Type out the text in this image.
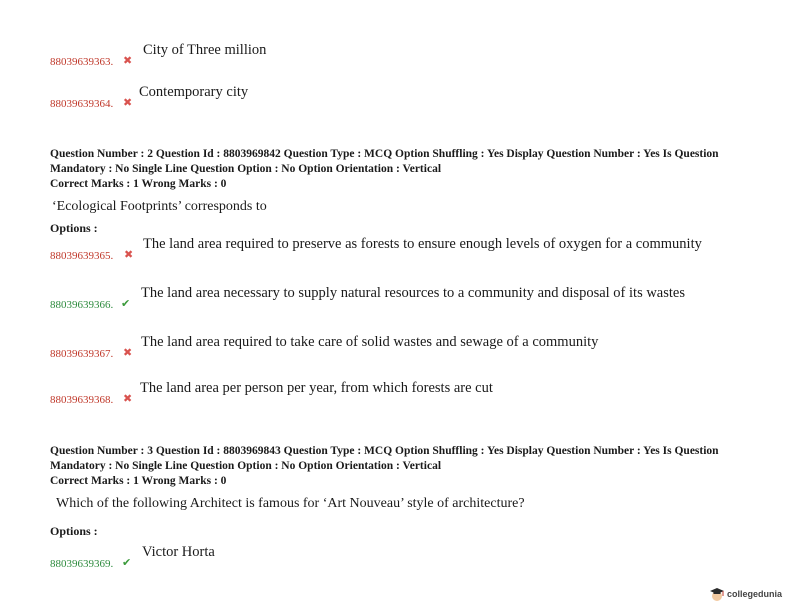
88039639363. ✖
City of Three million
88039639364. ✖
Contemporary city
Question Number : 2 Question Id : 8803969842 Question Type : MCQ Option Shuffling : Yes Display Question Number : Yes Is Question
Mandatory : No Single Line Question Option : No Option Orientation : Vertical
Correct Marks : 1 Wrong Marks : 0
‘Ecological Footprints’ corresponds to
Options :
88039639365. ✖
The land area required to preserve as forests to ensure enough levels of oxygen for a community
88039639366. ✔
The land area necessary to supply natural resources to a community and disposal of its wastes
88039639367. ✖
The land area required to take care of solid wastes and sewage of a community
88039639368. ✖
The land area per person per year, from which forests are cut
Question Number : 3 Question Id : 8803969843 Question Type : MCQ Option Shuffling : Yes Display Question Number : Yes Is Question
Mandatory : No Single Line Question Option : No Option Orientation : Vertical
Correct Marks : 1 Wrong Marks : 0
Which of the following Architect is famous for ‘Art Nouveau’ style of architecture?
Options :
88039639369. ✔
Victor Horta
collegedunia
